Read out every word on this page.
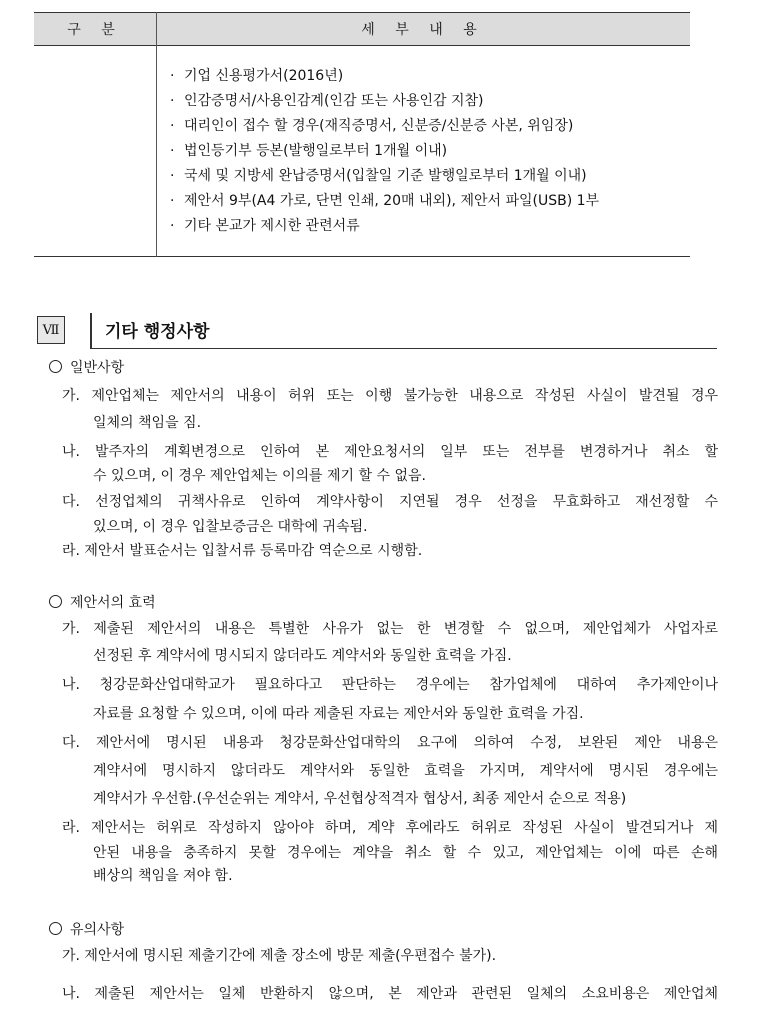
구 분	세 부 내 용
· 기업 신용평가서(2016년)
· 인감증명서/사용인감계(인감 또는 사용인감 지참)
· 대리인이 접수 할 경우(재직증명서, 신분증/신분증 사본, 위임장)
· 법인등기부 등본(발행일로부터 1개월 이내)
· 국세 및 지방세 완납증명서(입찰일 기준 발행일로부터 1개월 이내)
· 제안서 9부(A4 가로, 단면 인쇄, 20매 내외), 제안서 파일(USB) 1부
· 기타 본교가 제시한 관련서류
Ⅶ	기타 행정사항
일반사항
가. 제안업체는 제안서의 내용이 허위 또는 이행 불가능한 내용으로 작성된 사실이 발견될 경우
일체의 책임을 짐.
나. 발주자의 계획변경으로 인하여 본 제안요청서의 일부 또는 전부를 변경하거나 취소 할
수 있으며, 이 경우 제안업체는 이의를 제기 할 수 없음.
다. 선정업체의 귀책사유로 인하여 계약사항이 지연될 경우 선정을 무효화하고 재선정할 수
있으며, 이 경우 입찰보증금은 대학에 귀속됨.
라. 제안서 발표순서는 입찰서류 등록마감 역순으로 시행함.
제안서의 효력
가. 제출된 제안서의 내용은 특별한 사유가 없는 한 변경할 수 없으며, 제안업체가 사업자로
선정된 후 계약서에 명시되지 않더라도 계약서와 동일한 효력을 가짐.
나. 청강문화산업대학교가 필요하다고 판단하는 경우에는 참가업체에 대하여 추가제안이나
자료를 요청할 수 있으며, 이에 따라 제출된 자료는 제안서와 동일한 효력을 가짐.
다. 제안서에 명시된 내용과 청강문화산업대학의 요구에 의하여 수정, 보완된 제안 내용은
계약서에 명시하지 않더라도 계약서와 동일한 효력을 가지며, 계약서에 명시된 경우에는
계약서가 우선함.(우선순위는 계약서, 우선협상적격자 협상서, 최종 제안서 순으로 적용)
라. 제안서는 허위로 작성하지 않아야 하며, 계약 후에라도 허위로 작성된 사실이 발견되거나 제
안된 내용을 충족하지 못할 경우에는 계약을 취소 할 수 있고, 제안업체는 이에 따른 손해
배상의 책임을 져야 함.
유의사항
가. 제안서에 명시된 제출기간에 제출 장소에 방문 제출(우편접수 불가).
나. 제출된 제안서는 일체 반환하지 않으며, 본 제안과 관련된 일체의 소요비용은 제안업체
